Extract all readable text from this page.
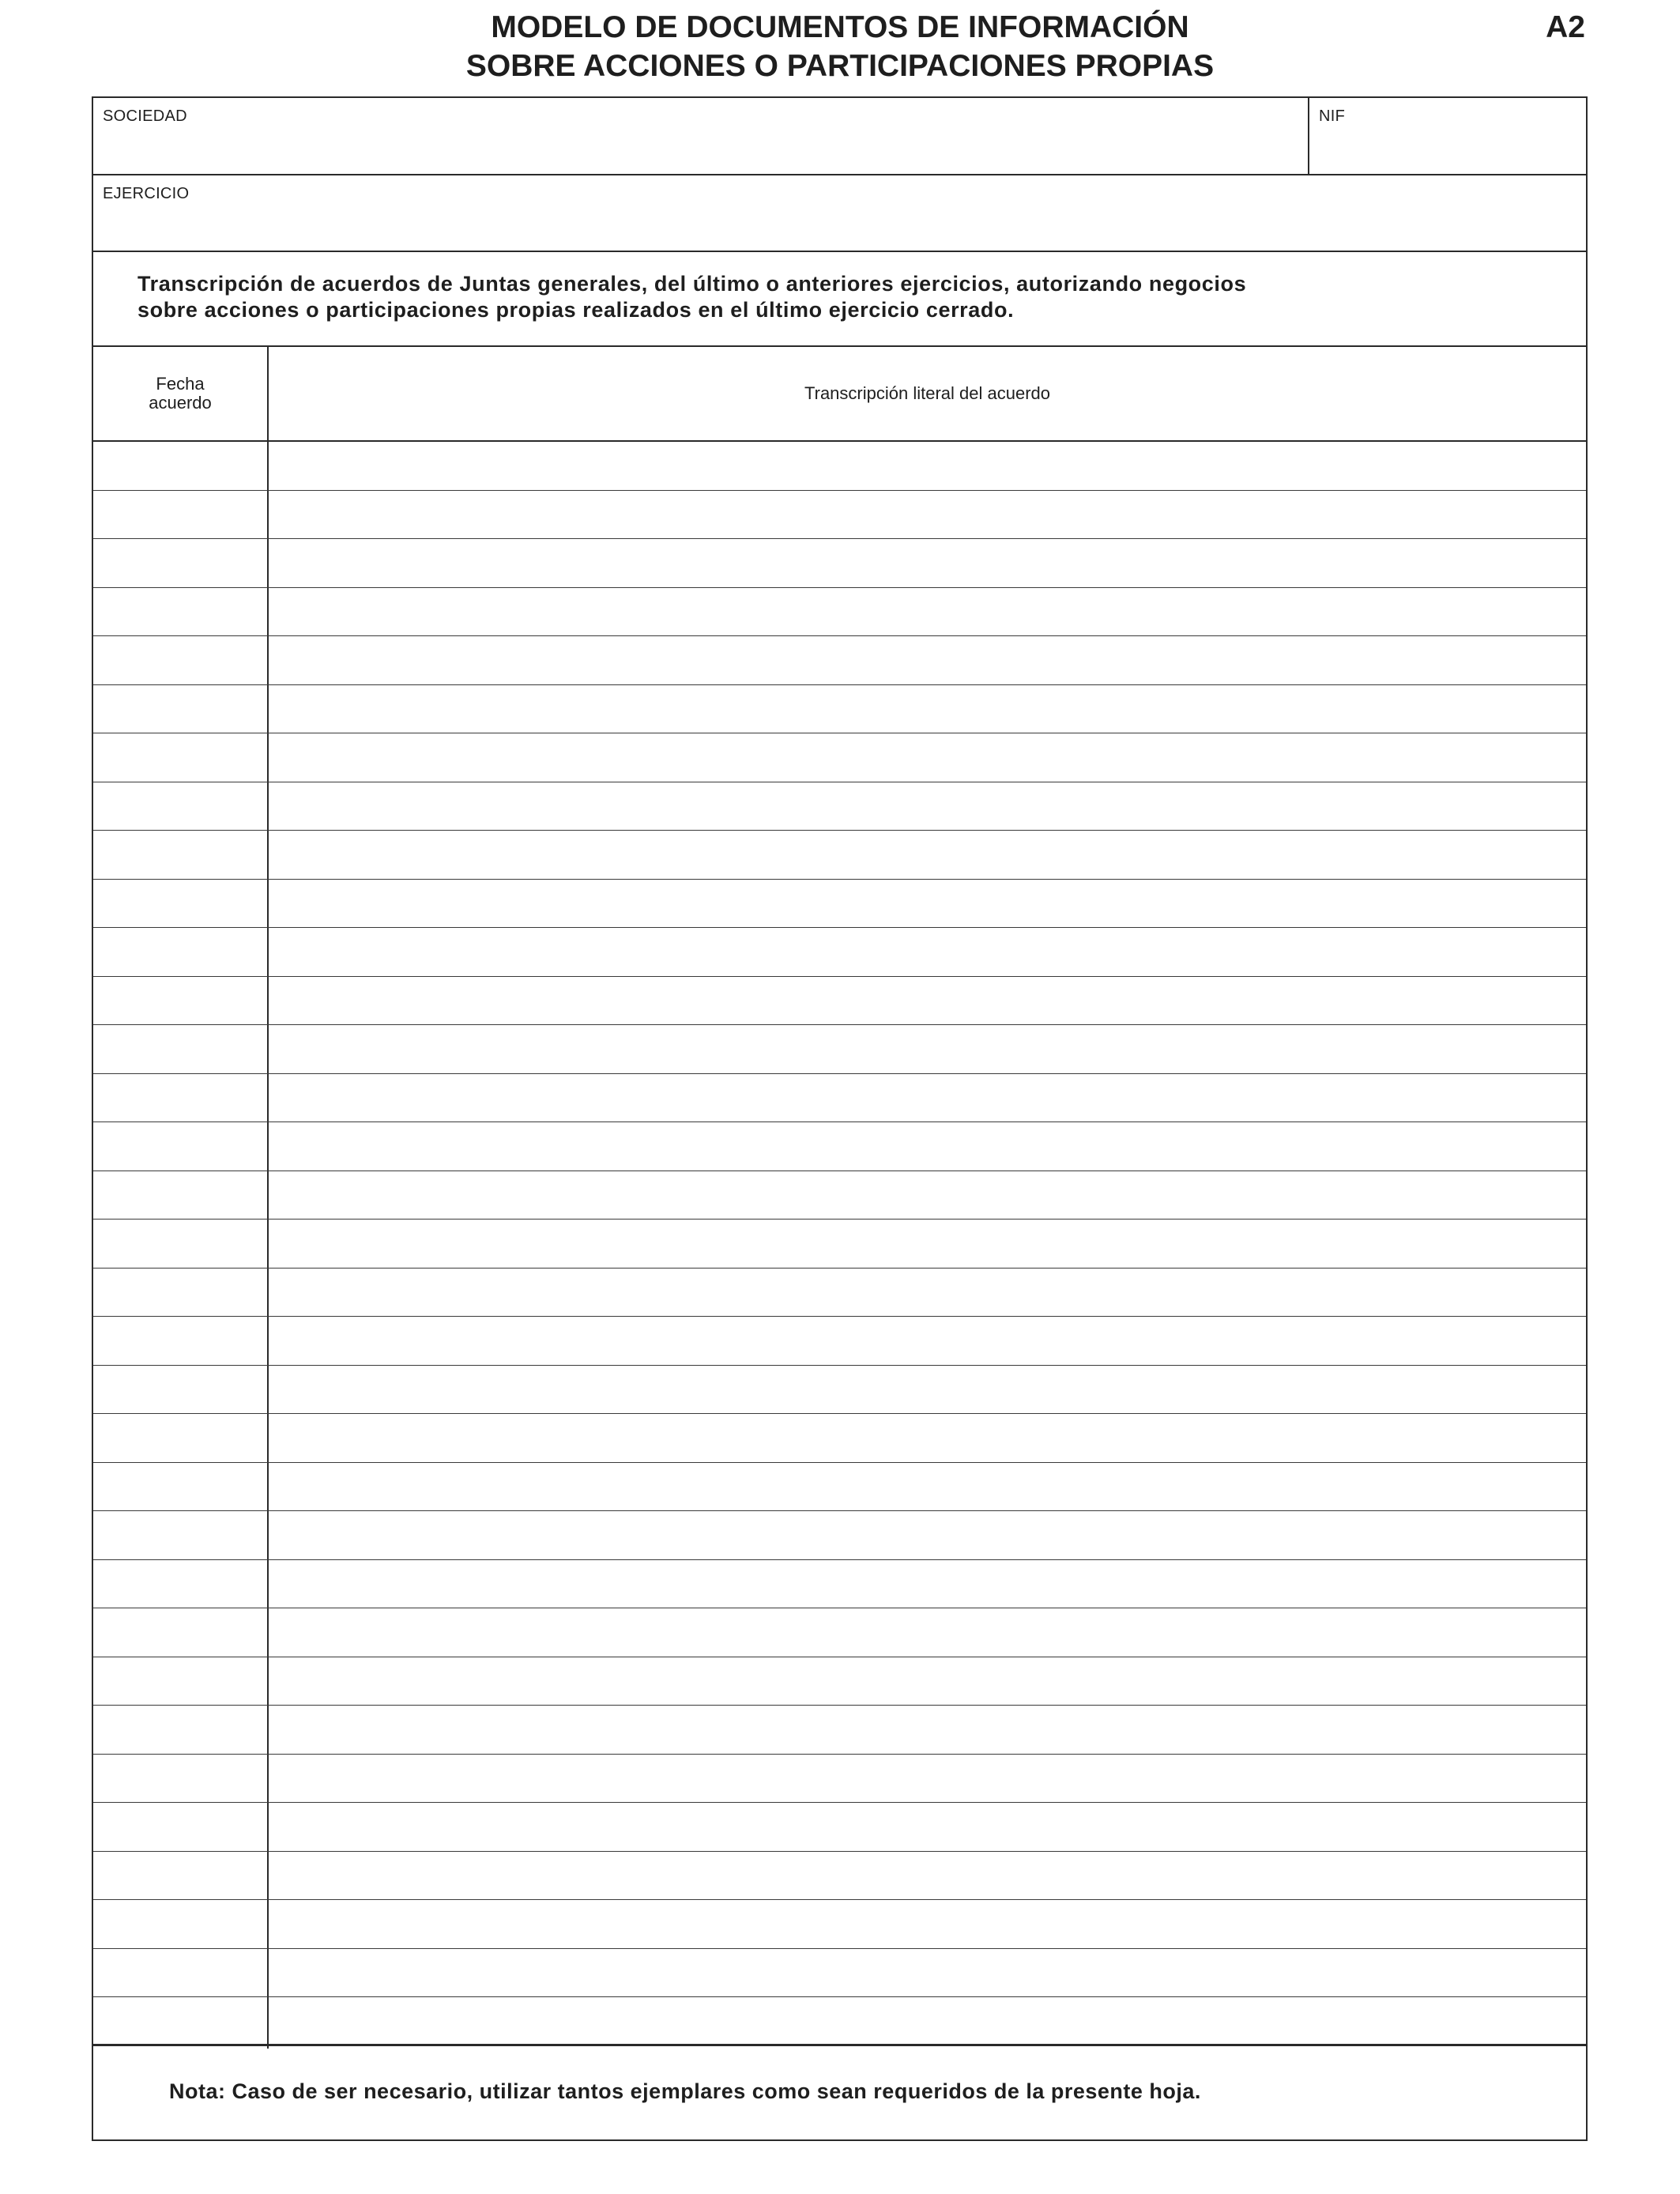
MODELO DE DOCUMENTOS DE INFORMACIÓN
SOBRE ACCIONES O PARTICIPACIONES PROPIAS
A2
SOCIEDAD	NIF
EJERCICIO
Transcripción de acuerdos de Juntas generales, del último o anteriores ejercicios, autorizando negocios
sobre acciones o participaciones propias realizados en el último ejercicio cerrado.
Fecha
acuerdo	Transcripción literal del acuerdo
Nota: Caso de ser necesario, utilizar tantos ejemplares como sean requeridos de la presente hoja.
